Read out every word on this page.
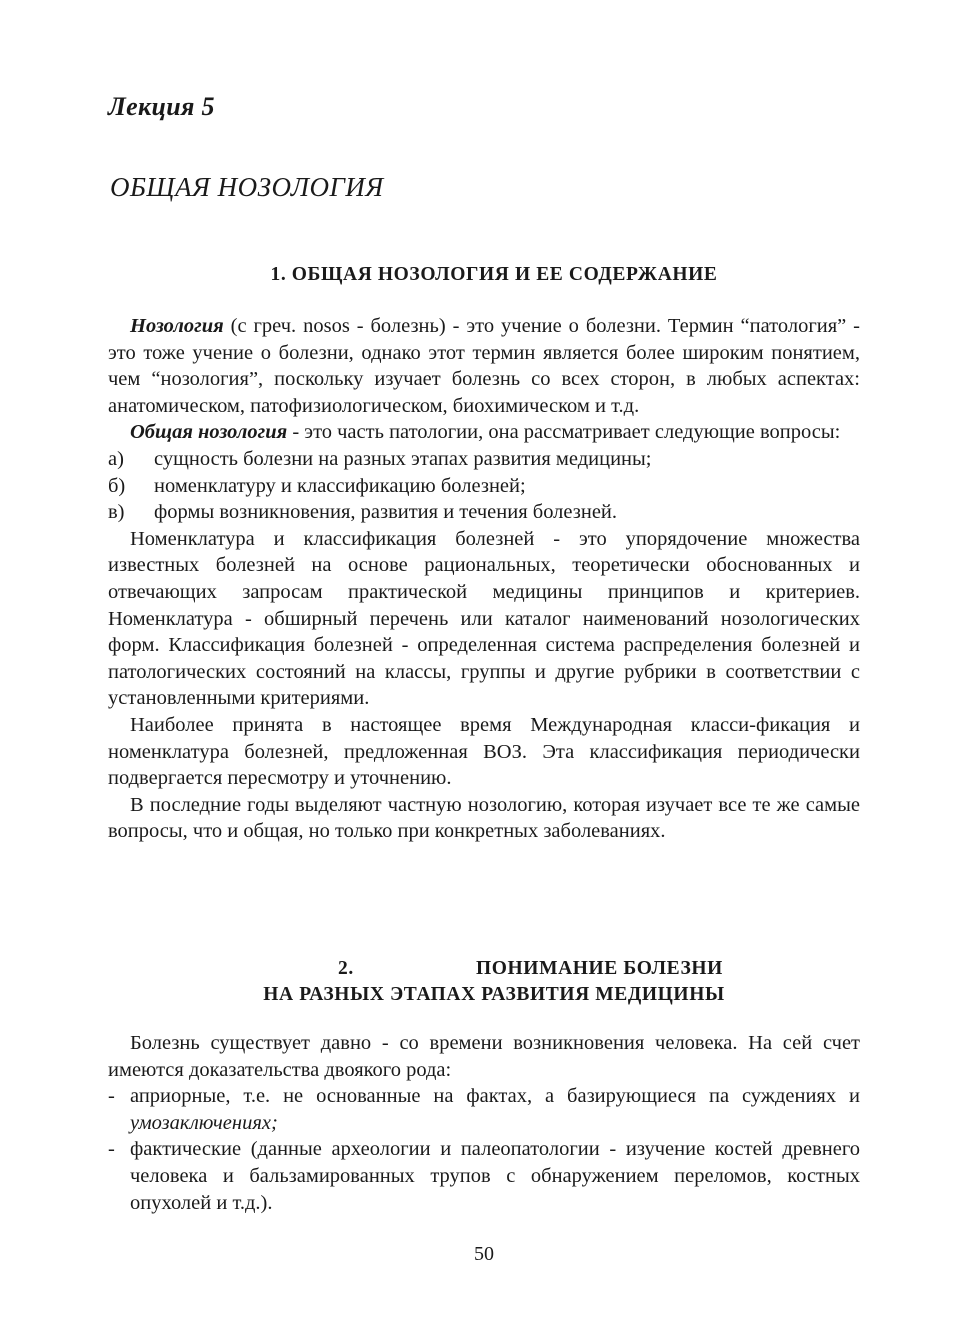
Лекция 5
ОБЩАЯ НОЗОЛОГИЯ
1. ОБЩАЯ НОЗОЛОГИЯ И ЕЕ СОДЕРЖАНИЕ

Нозология (с греч. nosos - болезнь) - это учение о болезни. Термин “патология” - это тоже учение о болезни, однако этот термин является более широким понятием, чем “нозология”, поскольку изучает болезнь со всех сторон, в любых аспектах: анатомическом, патофизиологическом, биохимическом и т.д.

Общая нозология - это часть патологии, она рассматривает следующие вопросы:

а) сущность болезни на разных этапах развития медицины;

б) номенклатуру и классификацию болезней;

в) формы возникновения, развития и течения болезней.

Номенклатура и классификация болезней - это упорядочение множества известных болезней на основе рациональных, теоретически обоснованных и отвечающих запросам практической медицины принципов и критериев. Номенклатура - обширный перечень или каталог наименований нозологических форм. Классификация болезней - определенная система распределения болезней и патологических состояний на классы, группы и другие рубрики в соответствии с установленными критериями.

Наиболее принята в настоящее время Международная класси-фикация и номенклатура болезней, предложенная ВОЗ. Эта классификация периодически подвергается пересмотру и уточнению.

В последние годы выделяют частную нозологию, которая изучает все те же самые вопросы, что и общая, но только при конкретных заболеваниях.

2.	ПОНИМАНИЕ БОЛЕЗНИ
НА РАЗНЫХ ЭТАПАХ РАЗВИТИЯ МЕДИЦИНЫ

Болезнь существует давно - со времени возникновения человека. На сей счет имеются доказательства двоякого рода:

- априорные, т.е. не основанные на фактах, а базирующиеся па суждениях и умозаключениях;

- фактические (данные археологии и палеопатологии - изучение костей древнего человека и бальзамированных трупов с обнаружением переломов, костных опухолей и т.д.).

50
